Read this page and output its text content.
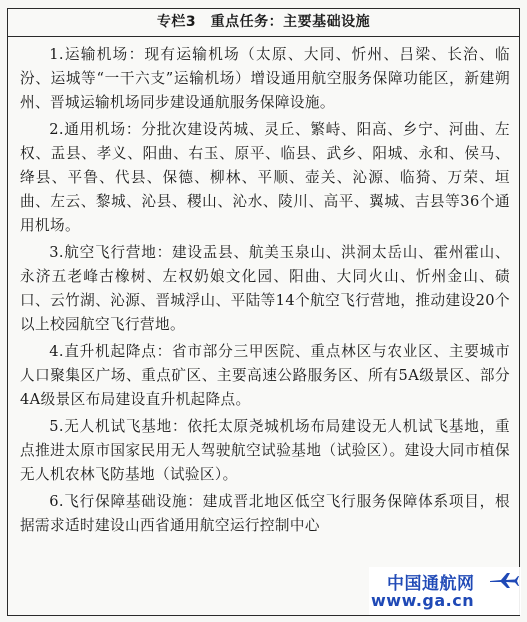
专栏3　重点任务：主要基础设施

1.运输机场：现有运输机场（太原、大同、忻州、吕梁、长治、临汾、运城等“一干六支”运输机场）增设通用航空服务保障功能区，新建朔州、晋城运输机场同步建设通航服务保障设施。

2.通用机场：分批次建设芮城、灵丘、繁峙、阳高、乡宁、河曲、左权、盂县、孝义、阳曲、右玉、原平、临县、武乡、阳城、永和、侯马、绛县、平鲁、代县、保德、柳林、平顺、壶关、沁源、临猗、万荣、垣曲、左云、黎城、沁县、稷山、沁水、陵川、高平、翼城、吉县等36个通用机场。

3.航空飞行营地：建设盂县、航美玉泉山、洪洞太岳山、霍州霍山、永济五老峰古橡树、左权奶娘文化园、阳曲、大同火山、忻州金山、碛口、云竹湖、沁源、晋城浮山、平陆等14个航空飞行营地，推动建设20个以上校园航空飞行营地。

4.直升机起降点：省市部分三甲医院、重点林区与农业区、主要城市人口聚集区广场、重点矿区、主要高速公路服务区、所有5A级景区、部分4A级景区布局建设直升机起降点。

5.无人机试飞基地：依托太原尧城机场布局建设无人机试飞基地，重点推进太原市国家民用无人驾驶航空试验基地（试验区）。建设大同市植保无人机农林飞防基地（试验区）。

6.飞行保障基础设施：建成晋北地区低空飞行服务保障体系项目，根据需求适时建设山西省通用航空运行控制中心

中国通航网
www.ga.cn
